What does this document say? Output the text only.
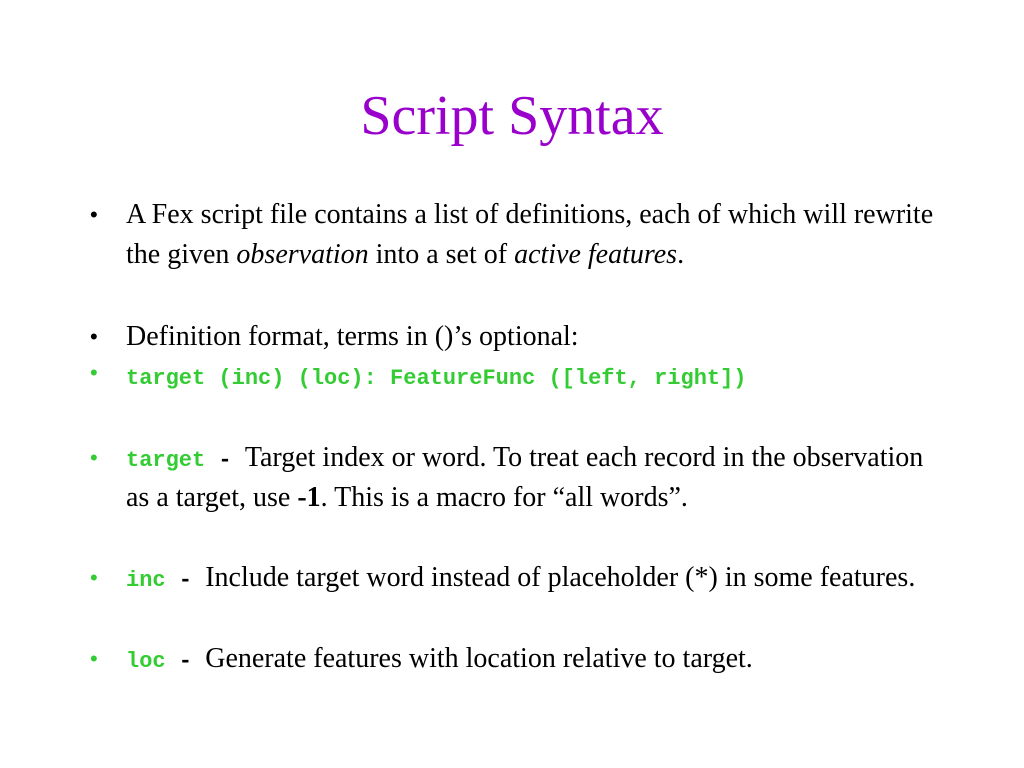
Script Syntax
• A Fex script file contains a list of definitions, each of which will rewrite the given observation into a set of active features.
• Definition format, terms in ()’s optional:
• target (inc) (loc): FeatureFunc ([left, right])
• target - Target index or word. To treat each record in the observation as a target, use -1. This is a macro for “all words”.
• inc - Include target word instead of placeholder (*) in some features.
• loc - Generate features with location relative to target.
